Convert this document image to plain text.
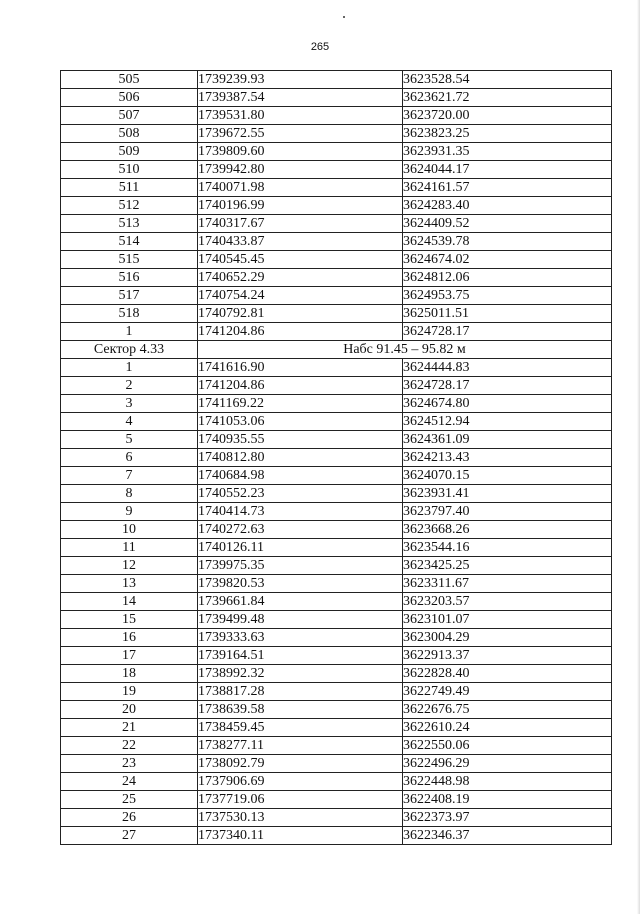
265
505	1739239.93	3623528.54
506	1739387.54	3623621.72
507	1739531.80	3623720.00
508	1739672.55	3623823.25
509	1739809.60	3623931.35
510	1739942.80	3624044.17
511	1740071.98	3624161.57
512	1740196.99	3624283.40
513	1740317.67	3624409.52
514	1740433.87	3624539.78
515	1740545.45	3624674.02
516	1740652.29	3624812.06
517	1740754.24	3624953.75
518	1740792.81	3625011.51
1	1741204.86	3624728.17
Сектор 4.33	Набс 91.45 – 95.82 м	
1	1741616.90	3624444.83
2	1741204.86	3624728.17
3	1741169.22	3624674.80
4	1741053.06	3624512.94
5	1740935.55	3624361.09
6	1740812.80	3624213.43
7	1740684.98	3624070.15
8	1740552.23	3623931.41
9	1740414.73	3623797.40
10	1740272.63	3623668.26
11	1740126.11	3623544.16
12	1739975.35	3623425.25
13	1739820.53	3623311.67
14	1739661.84	3623203.57
15	1739499.48	3623101.07
16	1739333.63	3623004.29
17	1739164.51	3622913.37
18	1738992.32	3622828.40
19	1738817.28	3622749.49
20	1738639.58	3622676.75
21	1738459.45	3622610.24
22	1738277.11	3622550.06
23	1738092.79	3622496.29
24	1737906.69	3622448.98
25	1737719.06	3622408.19
26	1737530.13	3622373.97
27	1737340.11	3622346.37
